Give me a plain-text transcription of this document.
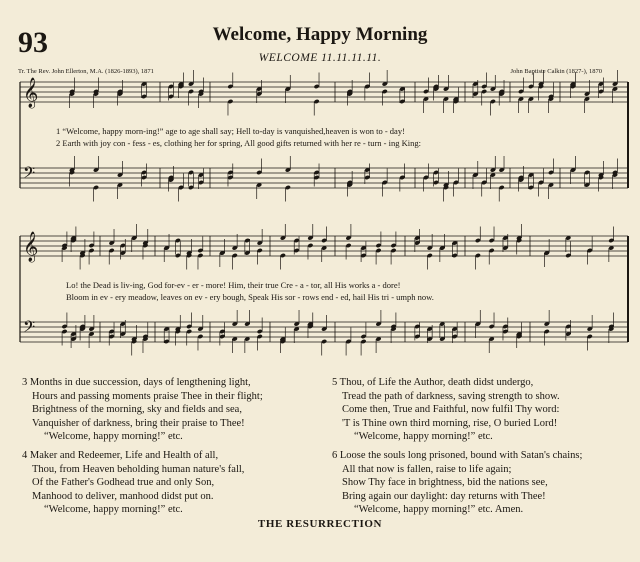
93	Welcome, Happy Morning
WELCOME 11.11.11.11.
Tr. The Rev. John Ellerton, M.A. (1826-1893), 1871	John Baptiste Calkin (1827-), 1870
𝄞
𝄢
𝄞
𝄢
1 “Welcome, happy morn-ing!” age to age shall say; Hell to-day is vanquished,heaven is won to - day!
2 Earth with joy con - fess - es, clothing her for spring, All good gifts returned with her re - turn - ing King:
Lo! the Dead is liv-ing, God for-ev - er - more! Him, their true Cre - a - tor, all His works a - dore!
Bloom in ev - ery meadow, leaves on ev - ery bough, Speak His sor - rows end - ed, hail His tri - umph now.
3 Months in due succession, days of lengthening light,
Hours and passing moments praise Thee in their flight;
Brightness of the morning, sky and fields and sea,
Vanquisher of darkness, bring their praise to Thee!
“Welcome, happy morning!” etc.
4 Maker and Redeemer, Life and Health of all,
Thou, from Heaven beholding human nature's fall,
Of the Father's Godhead true and only Son,
Manhood to deliver, manhood didst put on.
“Welcome, happy morning!” etc.
5 Thou, of Life the Author, death didst undergo,
Tread the path of darkness, saving strength to show.
Come then, True and Faithful, now fulfil Thy word:
'T is Thine own third morning, rise, O buried Lord!
“Welcome, happy morning!” etc.
6 Loose the souls long prisoned, bound with Satan's chains;
All that now is fallen, raise to life again;
Show Thy face in brightness, bid the nations see,
Bring again our daylight: day returns with Thee!
“Welcome, happy morning!” etc. Amen.
THE RESURRECTION
